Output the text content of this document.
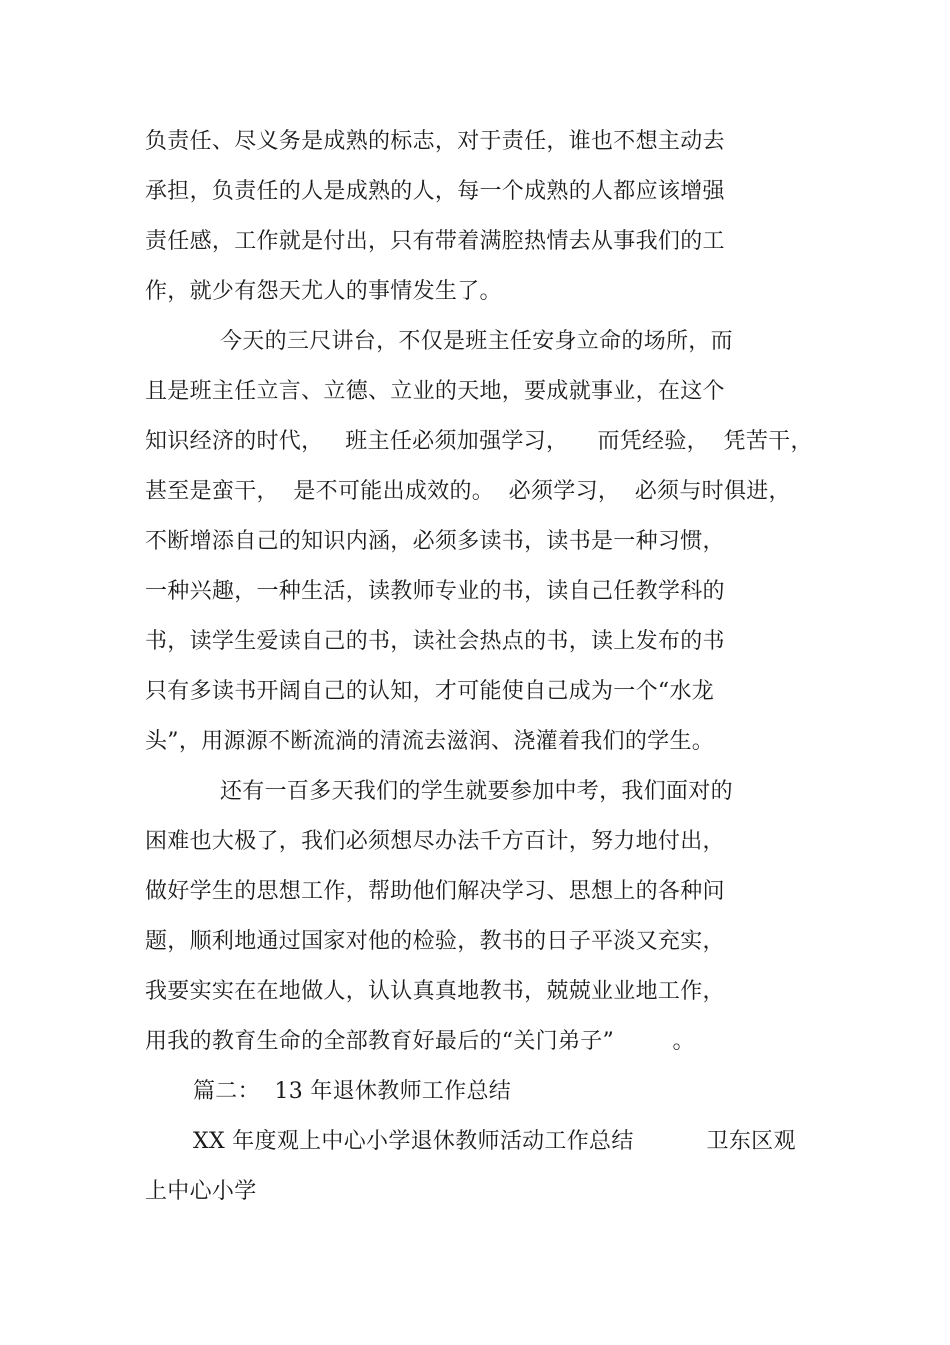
负责任、尽义务是成熟的标志，对于责任，谁也不想主动去
承担，负责任的人是成熟的人，每一个成熟的人都应该增强
责任感，工作就是付出，只有带着满腔热情去从事我们的工
作，就少有怨天尤人的事情发生了。
今天的三尺讲台，不仅是班主任安身立命的场所，而
且是班主任立言、立德、立业的天地，要成就事业，在这个
知识经济的时代，   班主任必须加强学习，    而凭经验，  凭苦干，
甚至是蛮干，  是不可能出成效的。  必须学习，  必须与时俱进，
不断增添自己的知识内涵，必须多读书，读书是一种习惯，
一种兴趣，一种生活，读教师专业的书，读自己任教学科的
书，读学生爱读自己的书，读社会热点的书，读上发布的书
只有多读书开阔自己的认知，才可能使自己成为一个“水龙
头”，用源源不断流淌的清流去滋润、浇灌着我们的学生。
还有一百多天我们的学生就要参加中考，我们面对的
困难也大极了，我们必须想尽办法千方百计，努力地付出，
做好学生的思想工作，帮助他们解决学习、思想上的各种问
题，顺利地通过国家对他的检验，教书的日子平淡又充实，
我要实实在在地做人，认认真真地教书，兢兢业业地工作，
用我的教育生命的全部教育好最后的“关门弟子”        。
篇二：  13 年退休教师工作总结
XX 年度观上中心小学退休教师活动工作总结          卫东区观
上中心小学
